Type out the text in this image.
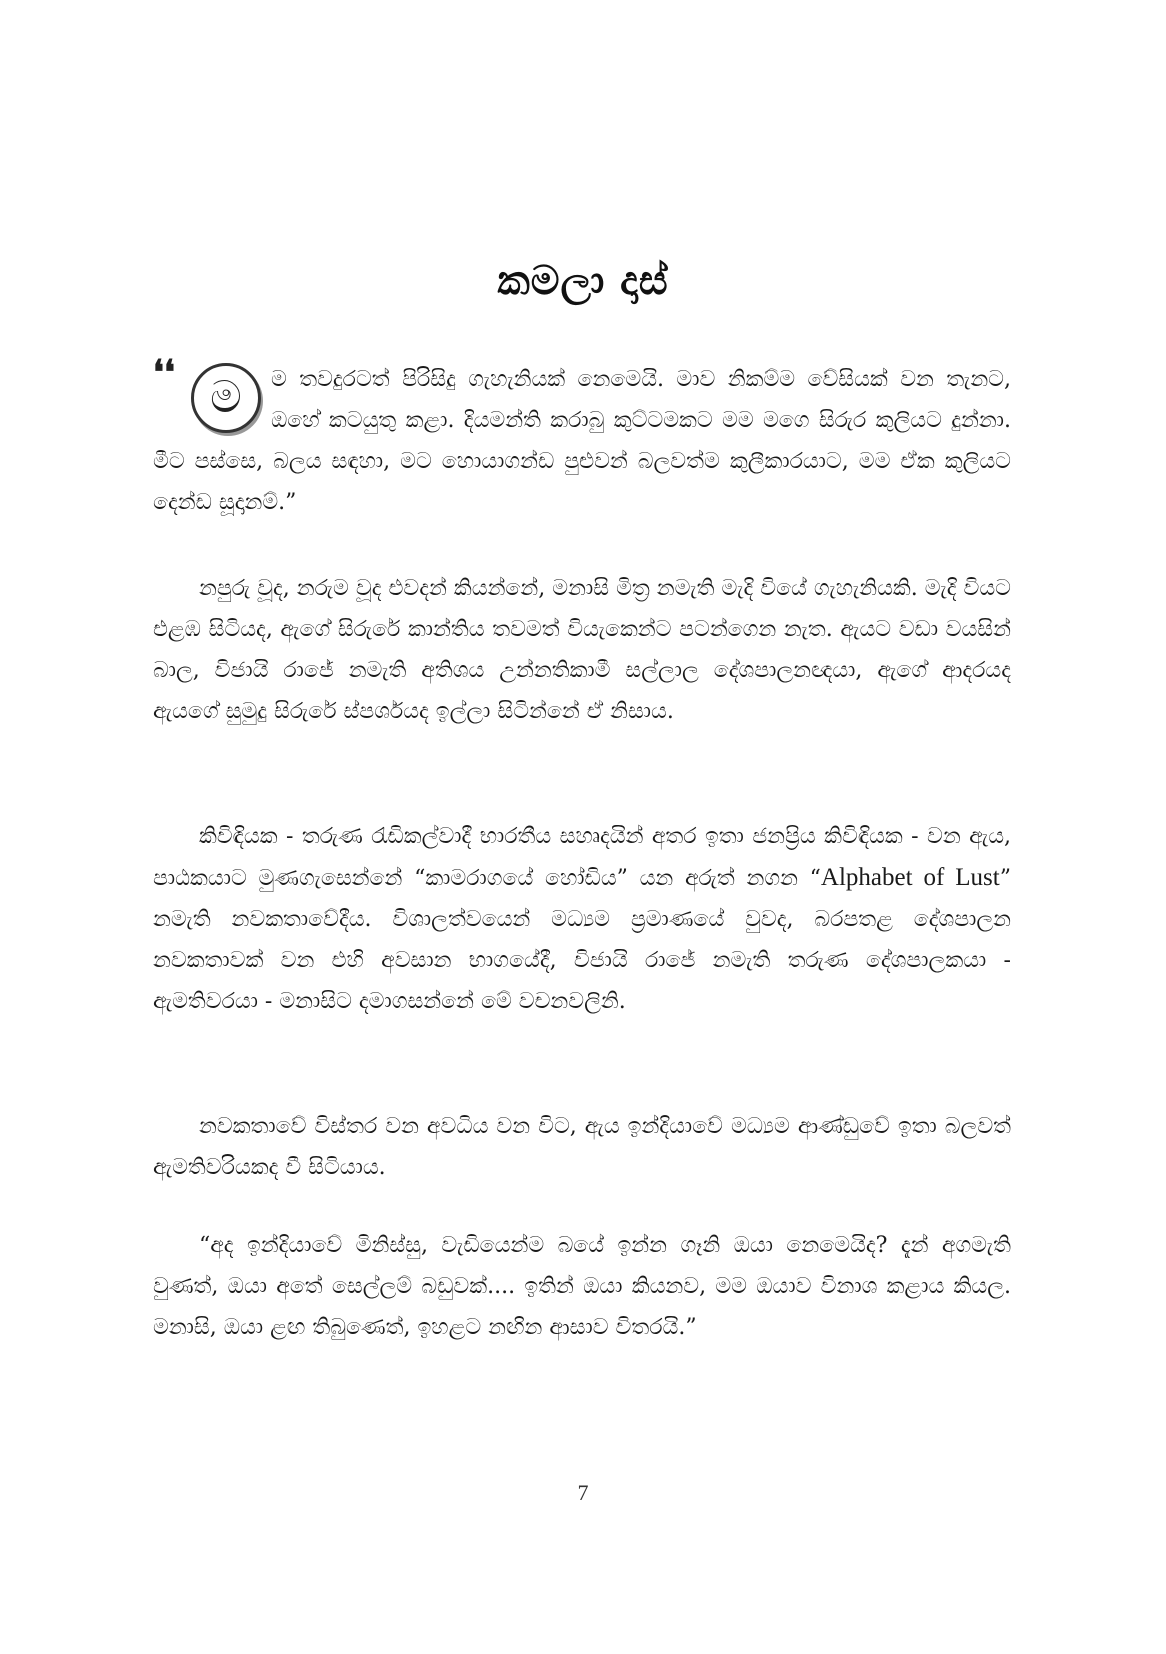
කමලා දාස්
❛❛ ම	ම තවදුරටත් පිරිසිදු ගැහැනියක් නෙමෙයි. මාව නිකම්ම වේසියක් වන තැනට, ඔහේ කටයුතු කළා. දියමන්ති කරාබු කුට්ටමකට මම මගෙ සිරුර කුලියට දුන්නා. මීට පස්සෙ, බලය සඳහා, මට හොයාගන්ඩ පුළුවන් බලවත්ම කුලීකාරයාට, මම ඒක කුලියට දෙන්ඩ සූදානම්.”

නපුරු වූද, නරුම වූද එවදන් කියන්නේ, මනාසි මිත්‍ර නමැති මැදි වියේ ගැහැනියකි. මැදි වියට එළඹ සිටියද, ඇගේ සිරුරේ කාන්තිය තවමත් වියැකෙන්ට පටන්ගෙන නැත. ඇයට වඩා වයසින් බාල, විජායි රාජේ නමැති අතිශය උන්නතිකාමී සල්ලාල දේශපාලනඥයා, ඇගේ ආදරයද ඇයගේ සුමුදු සිරුරේ ස්පර්ශයද ඉල්ලා සිටින්නේ ඒ නිසාය.

කිවිඳියක - තරුණ රැඩිකල්වාදී භාරතීය සහෘදයින් අතර ඉතා ජනප්‍රිය කිවිඳියක - වන ඇය, පාඨකයාට මුණගැසෙන්නේ “කාමරාගයේ හෝඩිය” යන අරුත් නගන “Alphabet of Lust” නමැති නවකතාවේදීය. විශාලත්වයෙන් මධ්‍යම ප්‍රමාණයේ වුවද, බරපතළ දේශපාලන නවකතාවක් වන එහි අවසාන භාගයේදී, විජායි රාජේ නමැති තරුණ දේශපාලකයා - ඇමතිවරයා - මනාසිට දමාගසන්නේ මේ වචනවලිනි.

නවකතාවේ විස්තර වන අවධිය වන විට, ඇය ඉන්දියාවේ මධ්‍යම ආණ්ඩුවේ ඉතා බලවත් ඇමතිවරියකද වී සිටියාය.

“අද ඉන්දියාවේ මිනිස්සු, වැඩියෙන්ම බයේ ඉන්න ගෑනි ඔයා නෙමෙයිද? දැන් අගමැති වුණත්, ඔයා අතේ සෙල්ලම් බඩුවක්.... ඉතින් ඔයා කියනව, මම ඔයාව විනාශ කළාය කියල. මනාසි, ඔයා ළඟ තිබුණෙත්, ඉහළට නඟින ආසාව විතරයි.”

7
